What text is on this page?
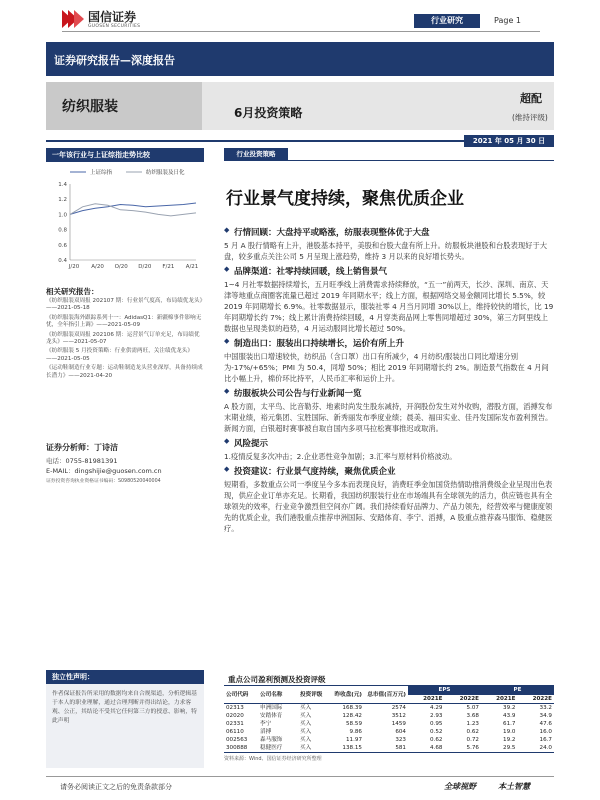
国信证券
GUOSEN SECURITIES
行业研究	Page 1
证券研究报告—深度报告
纺织服装	6月投资策略
超配
(维持评级)
2021 年 05 月 30 日
一年该行业与上证综指走势比较
上证综指	纺织服装及日化
0.4
0.6
0.8
1.0
1.2
1.4
J/20 A/20 O/20 D/20 F/21 A/21
相关研究报告：
《纺织服装双周报 202107 期：行业景气度高，布局绩优龙头》——2021-05-18
《纺织服装海外跟踪系列十一：AdidasQ1：新疆棉事件影响无忧，全年指引上调》——2021-05-09
《纺织服装双周报 202106 期：运营景气订单充足，布局绩优龙头》——2021-05-07
《纺织服装 5 月投资策略：行业供需两旺，关注绩优龙头》——2021-05-05
《运动鞋制造行业专题：运动鞋制造龙头营业深厚，具备持续成长潜力》——2021-04-20
证券分析师：丁诗洁
电话：0755-81981391
E-MAIL：dingshijie@guosen.com.cn
证券投资咨询执业资格证书编码：S0980520040004
独立性声明：
作者保证报告所采用的数据均来自合规渠道，分析逻辑基于本人的职业理解，通过合理判断并得出结论，力求客观、公正，其结论不受其它任何第三方的授意、影响，特此声明
行业投资策略
行业景气度持续，聚焦优质企业
◆ 行情回顾：大盘持平或略涨，纺服表现整体优于大盘
5 月 A 股行情略有上升，港股基本持平，美股和台股大盘有所上升。纺服板块港股和台股表现好于大盘，较多重点关注公司 5 月呈现上涨趋势，维持 3 月以来的良好增长势头。
◆ 品牌渠道：社零持续回暖，线上销售景气
1~4 月社零数据持续增长，五月旺季线上消费需求持续释放，“五一”前两天，长沙、深圳、南京、天津等地重点商圈客流量已超过 2019 年同期水平；线上方面，根据网络交易金额同比增长 5.5%，较 2019 年同期增长 6.9%。社零数据显示，服装社零 4 月当月同增 30%以上，维持较快的增长，比 19 年同期增长约 7%；线上累计消费持续回暖，4 月穿类商品网上零售同增超过 30%，第三方阿里线上数据也呈现类似的趋势，4 月运动服同比增长超过 50%。
◆ 制造出口：服装出口持续增长，运价有所上升
中国服装出口增速较快，纺织品（含口罩）出口有所减少，4 月纺织/服装出口同比增速分别为-17%/+65%；PMI 为 50.4，同增 50%；相比 2019 年同期增长约 2%。制造景气指数在 4 月间比小幅上升，棉价环比持平，人民币汇率和运价上升。
◆ 纺服板块公司公告与行业新闻一览
A 股方面，太平鸟、比音勒芬、地素时尚发生股东减持，开润股份发生对外收购，潜股方面，滔搏发布末期业绩，裕元集团、宝胜国际、新秀丽发布季度业绩；晨美、福田实业、佳丹发国际发布盈利预告。新闻方面，白银超时赛事被自取自国内多项马拉松赛事推迟或取消。
◆ 风险提示
1.疫情反复多次冲击；2.企业恶性竞争加剧；3.汇率与原材料价格波动。
◆ 投资建议：行业景气度持续，聚焦优质企业
短期看，多数重点公司一季度呈今多本而表现良好，消费旺季金加国货热情助推消费级企业呈现出色表现，供应企业订单亦充足。长期看，我国纺织服装行业在市场端具有全球领先的活力，供应链也具有全球领先的效率，行业竞争激烈但空间亦广阔。我们持续看好品牌力、产品力领先，经营效率与健康度领先的优质企业，我们港股重点推荐申洲国际、安踏体育、李宁、滔搏，A 股重点推荐森马服饰、稳健医疗。
重点公司盈利预测及投资评级
公司代码	公司名称	投资评级	昨收盘(元)	总市值(百万元)	EPS		PE	
					2021E	2022E	2021E	2022E
02313	申洲国际	买入	168.39	2574	4.29	5.07	39.2	33.2
02020	安踏体育	买入	128.42	3512	2.93	3.68	43.9	34.9
02331	李宁	买入	58.59	1459	0.95	1.23	61.7	47.6
06110	滔搏	买入	9.86	604	0.52	0.62	19.0	16.0
002563	森马服饰	买入	11.97	323	0.62	0.72	19.2	16.7
300888	稳健医疗	买入	138.15	581	4.68	5.76	29.5	24.0
资料来源：Wind、国信证券经济研究所整理
请务必阅读正文之后的免责条款部分	全球视野	本土智慧
